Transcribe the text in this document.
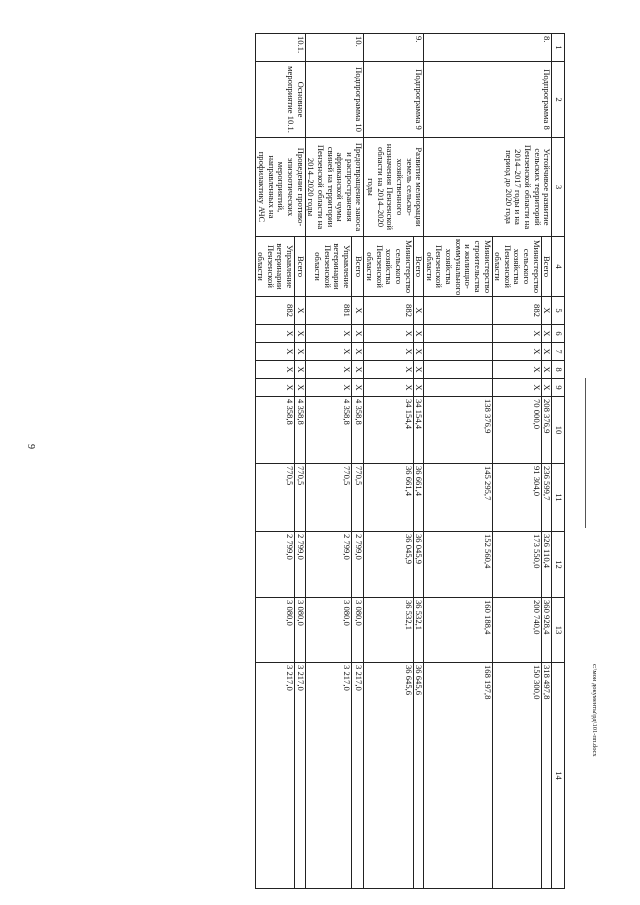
9
c:\мои документы\рд\101-пп.docx
1	2	3	4	5	6	7	8	9	10	11	12	13	14
8.	Подпрограмма 8	Устойчивое развитие сельских территорий Пензенской области на 2014–2017 годы и на период до 2020 года	Всего	Х	Х	Х	Х	Х	208 376,9	236 599,7	326 110,4	360 928,4	318 497,8
			Министерство сельского хозяйства Пензенской области	882	Х	Х	Х	Х	70 000,0	91 304,0	173 550,0	200 740,0	150 300,0
			Министерство строительства и жилищно-коммунального хозяйства Пензенской области						138 376,9	145 295,7	152 560,4	160 188,4	168 197,8
9.	Подпрограмма 9	Развитие мелиорации земель сельско-хозяйственного назначения Пензенской области на 2014–2020 годы	Всего	Х	Х	Х	Х	Х	34 154,4	36 661,4	36 045,9	36 532,1	36 645,6
			Министерство сельского хозяйства Пензенской области	882	Х	Х	Х	Х	34 154,4	36 661,4	36 045,9	36 532,1	36 645,6
10.	Подпрограмма 10	Предотвращение заноса и распространения африканской чумы свиней на территории Пензенской области на 2014–2020 годы	Всего	Х	Х	Х	Х	Х	4 358,8	770,5	2 799,0	3 080,0	3 217,0
			Управление ветеринарии Пензенской области	881	Х	Х	Х	Х	4 358,8	770,5	2 799,0	3 080,0	3 217,0
10.1.	Основное мероприятие 10.1.	Проведение противо-эпизоотических мероприятий, направленных на профилактику АЧС	Всего	Х	Х	Х	Х	Х	4 358,8	770,5	2 799,0	3 080,0	3 217,0
			Управление ветеринарии Пензенской области	882	Х	Х	Х	Х	4 358,8	770,5	2 799,0	3 080,0	3 217,0
